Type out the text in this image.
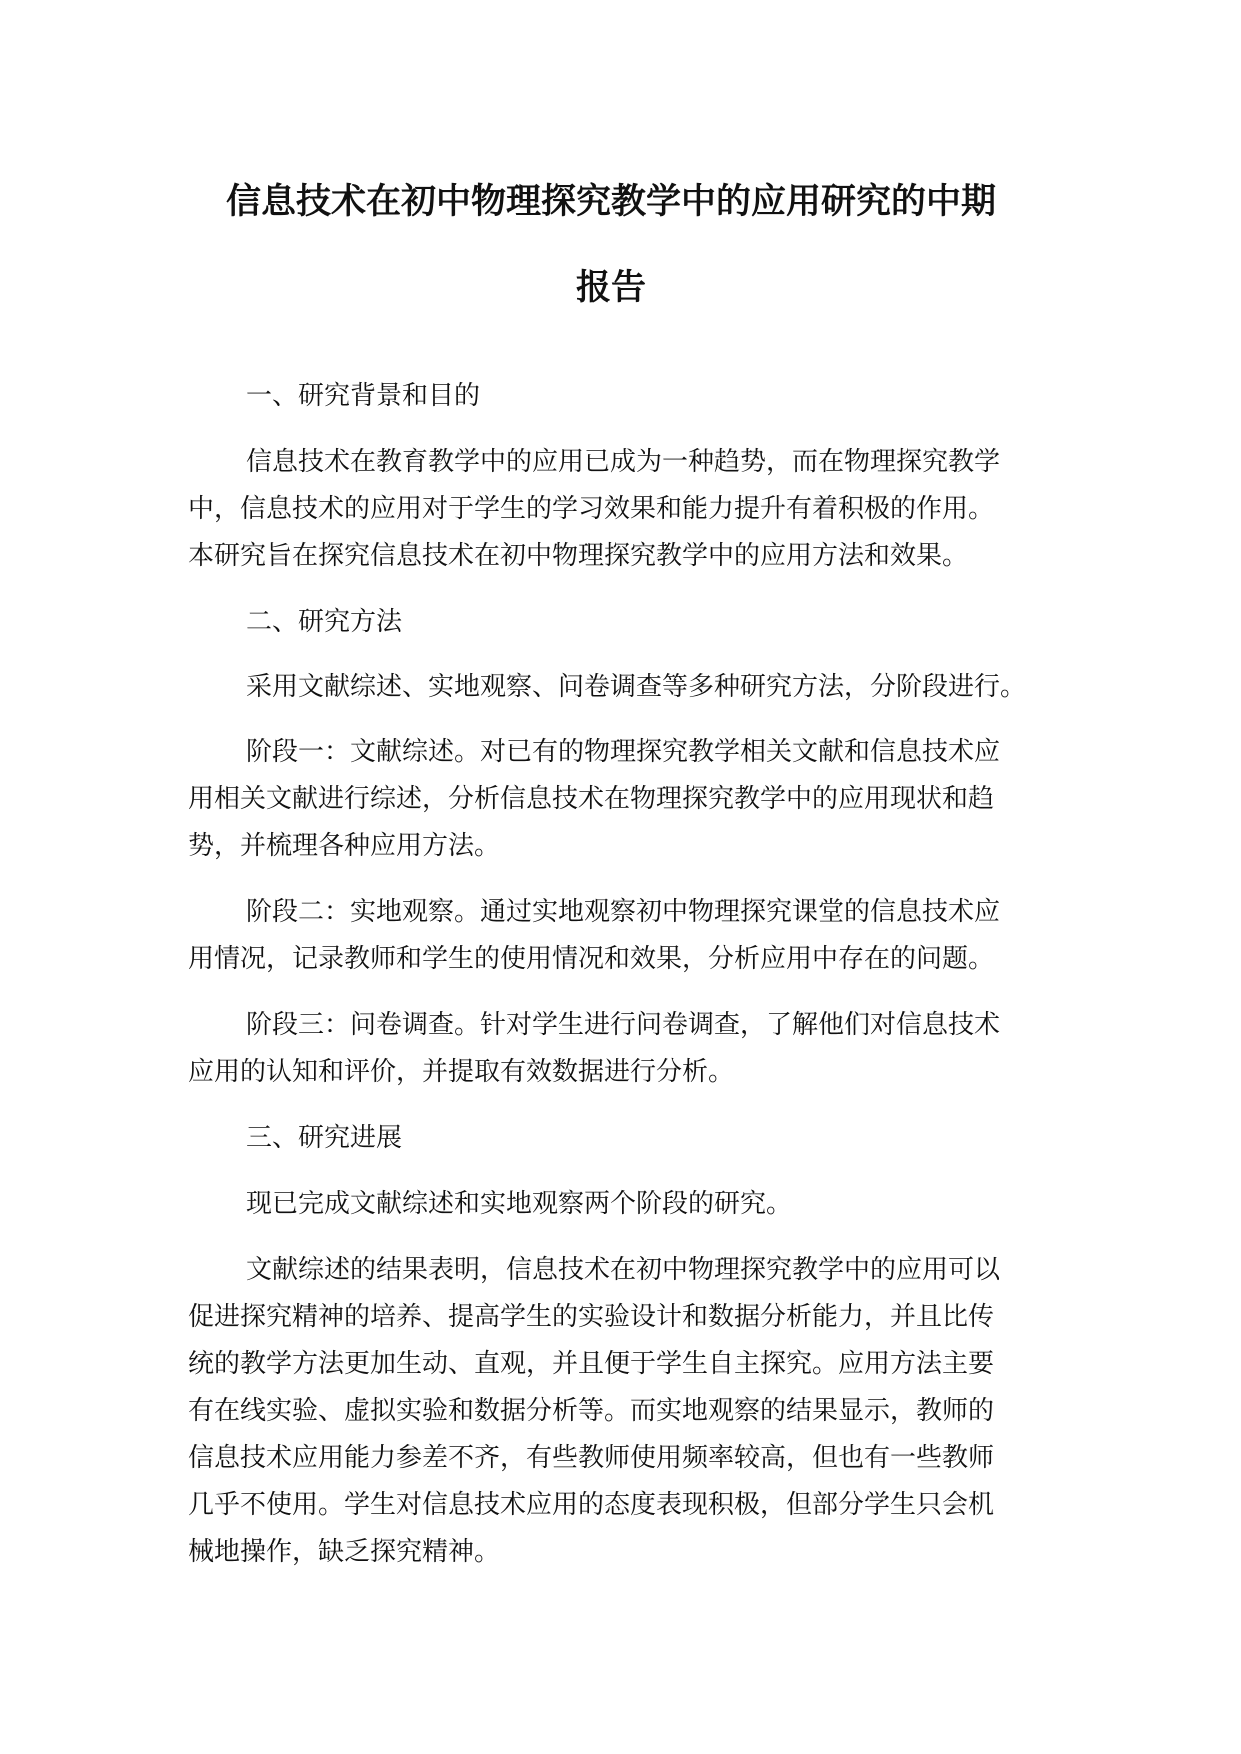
信息技术在初中物理探究教学中的应用研究的中期
报告

一、研究背景和目的

信息技术在教育教学中的应用已成为一种趋势，而在物理探究教学

中，信息技术的应用对于学生的学习效果和能力提升有着积极的作用。

本研究旨在探究信息技术在初中物理探究教学中的应用方法和效果。

二、研究方法

采用文献综述、实地观察、问卷调查等多种研究方法，分阶段进行。

阶段一：文献综述。对已有的物理探究教学相关文献和信息技术应

用相关文献进行综述，分析信息技术在物理探究教学中的应用现状和趋

势，并梳理各种应用方法。

阶段二：实地观察。通过实地观察初中物理探究课堂的信息技术应

用情况，记录教师和学生的使用情况和效果，分析应用中存在的问题。

阶段三：问卷调查。针对学生进行问卷调查，了解他们对信息技术

应用的认知和评价，并提取有效数据进行分析。

三、研究进展

现已完成文献综述和实地观察两个阶段的研究。

文献综述的结果表明，信息技术在初中物理探究教学中的应用可以

促进探究精神的培养、提高学生的实验设计和数据分析能力，并且比传

统的教学方法更加生动、直观，并且便于学生自主探究。应用方法主要

有在线实验、虚拟实验和数据分析等。而实地观察的结果显示，教师的

信息技术应用能力参差不齐，有些教师使用频率较高，但也有一些教师

几乎不使用。学生对信息技术应用的态度表现积极，但部分学生只会机

械地操作，缺乏探究精神。
